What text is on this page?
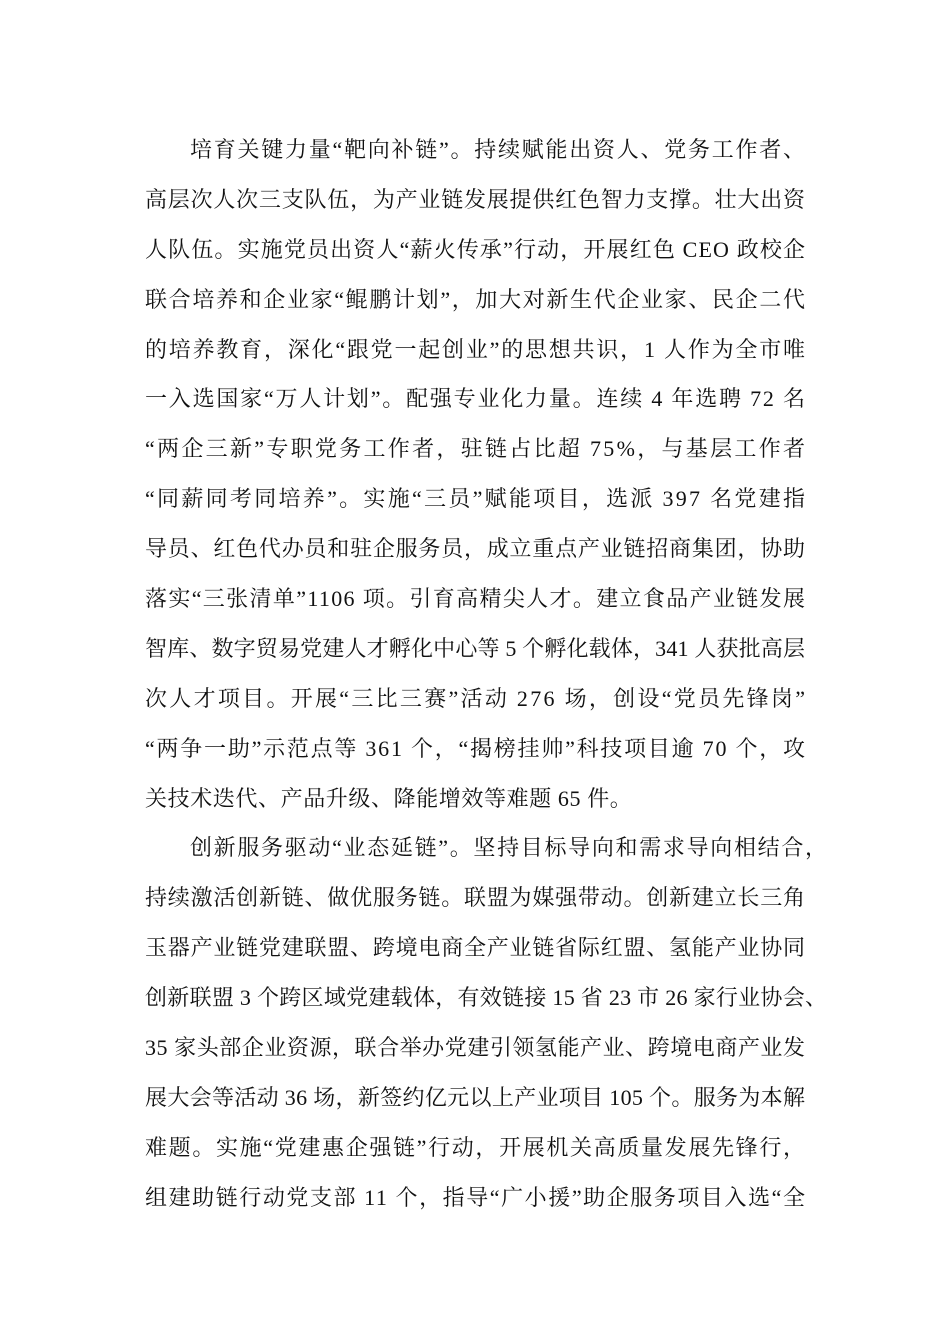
培育关键力量“靶向补链”。持续赋能出资人、党务工作者、
高层次人次三支队伍，为产业链发展提供红色智力支撑。壮大出资
人队伍。实施党员出资人“薪火传承”行动，开展红色 CEO 政校企
联合培养和企业家“鲲鹏计划”，加大对新生代企业家、民企二代
的培养教育，深化“跟党一起创业”的思想共识，1 人作为全市唯
一入选国家“万人计划”。配强专业化力量。连续 4 年选聘 72 名
“两企三新”专职党务工作者，驻链占比超 75%，与基层工作者
“同薪同考同培养”。实施“三员”赋能项目，选派 397 名党建指
导员、红色代办员和驻企服务员，成立重点产业链招商集团，协助
落实“三张清单”1106 项。引育高精尖人才。建立食品产业链发展
智库、数字贸易党建人才孵化中心等 5 个孵化载体，341 人获批高层
次人才项目。开展“三比三赛”活动 276 场，创设“党员先锋岗”
“两争一助”示范点等 361 个，“揭榜挂帅”科技项目逾 70 个，攻
关技术迭代、产品升级、降能增效等难题 65 件。
创新服务驱动“业态延链”。坚持目标导向和需求导向相结合，
持续激活创新链、做优服务链。联盟为媒强带动。创新建立长三角
玉器产业链党建联盟、跨境电商全产业链省际红盟、氢能产业协同
创新联盟 3 个跨区域党建载体，有效链接 15 省 23 市 26 家行业协会、
35 家头部企业资源，联合举办党建引领氢能产业、跨境电商产业发
展大会等活动 36 场，新签约亿元以上产业项目 105 个。服务为本解
难题。实施“党建惠企强链”行动，开展机关高质量发展先锋行，
组建助链行动党支部 11 个，指导“广小援”助企服务项目入选“全
